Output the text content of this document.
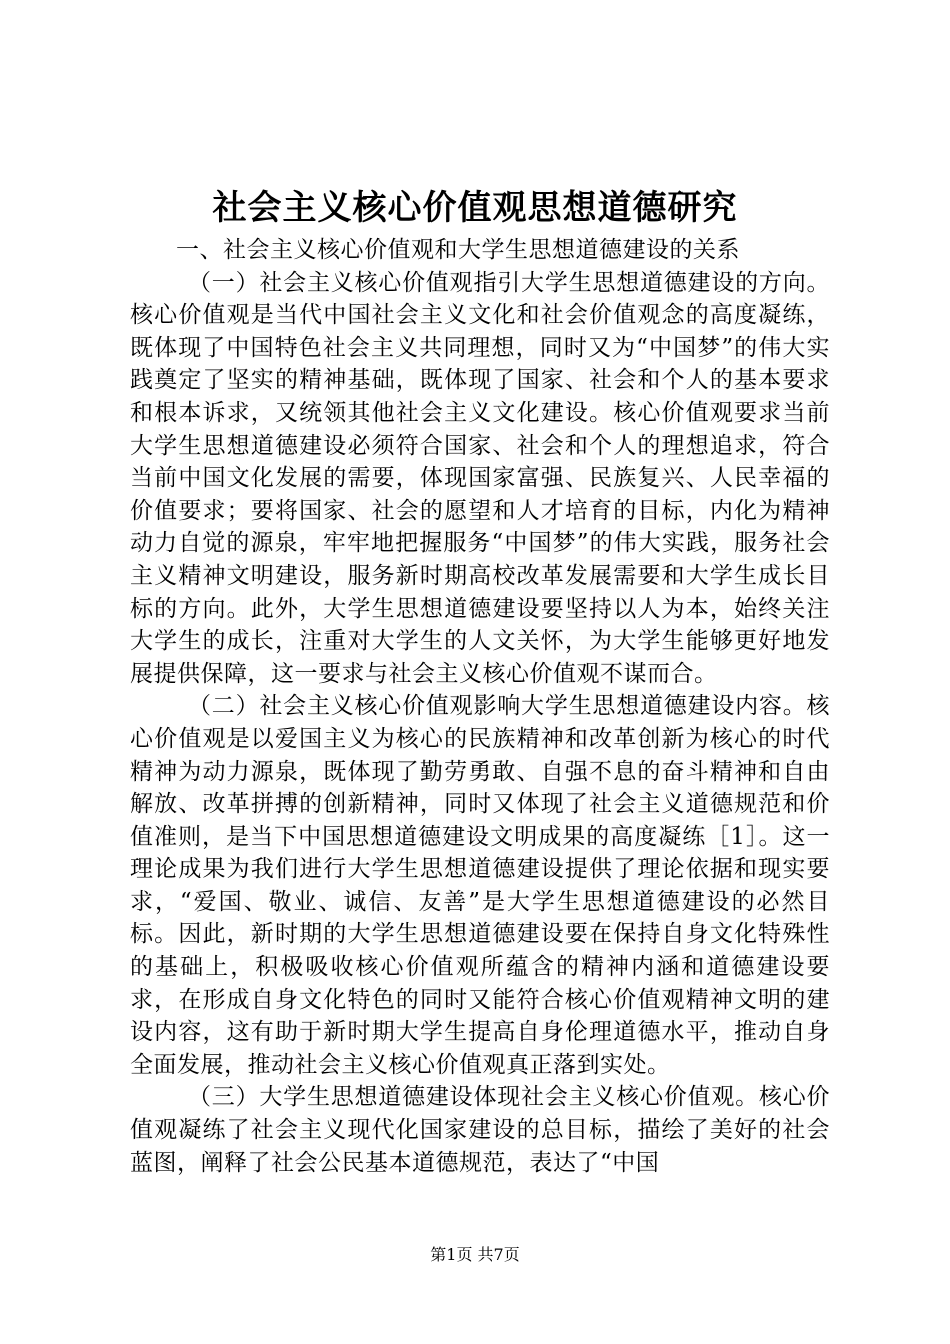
社会主义核心价值观思想道德研究

一、社会主义核心价值观和大学生思想道德建设的关系

（一）社会主义核心价值观指引大学生思想道德建设的方向。核心价值观是当代中国社会主义文化和社会价值观念的高度凝练，既体现了中国特色社会主义共同理想，同时又为“中国梦”的伟大实践奠定了坚实的精神基础，既体现了国家、社会和个人的基本要求和根本诉求，又统领其他社会主义文化建设。核心价值观要求当前大学生思想道德建设必须符合国家、社会和个人的理想追求，符合当前中国文化发展的需要，体现国家富强、民族复兴、人民幸福的价值要求；要将国家、社会的愿望和人才培育的目标，内化为精神动力自觉的源泉，牢牢地把握服务“中国梦”的伟大实践，服务社会主义精神文明建设，服务新时期高校改革发展需要和大学生成长目标的方向。此外，大学生思想道德建设要坚持以人为本，始终关注大学生的成长，注重对大学生的人文关怀，为大学生能够更好地发展提供保障，这一要求与社会主义核心价值观不谋而合。

（二）社会主义核心价值观影响大学生思想道德建设内容。核心价值观是以爱国主义为核心的民族精神和改革创新为核心的时代精神为动力源泉，既体现了勤劳勇敢、自强不息的奋斗精神和自由解放、改革拼搏的创新精神，同时又体现了社会主义道德规范和价值准则，是当下中国思想道德建设文明成果的高度凝练［1］。这一理论成果为我们进行大学生思想道德建设提供了理论依据和现实要求，“爱国、敬业、诚信、友善”是大学生思想道德建设的必然目标。因此，新时期的大学生思想道德建设要在保持自身文化特殊性的基础上，积极吸收核心价值观所蕴含的精神内涵和道德建设要求，在形成自身文化特色的同时又能符合核心价值观精神文明的建设内容，这有助于新时期大学生提高自身伦理道德水平，推动自身全面发展，推动社会主义核心价值观真正落到实处。

（三）大学生思想道德建设体现社会主义核心价值观。核心价值观凝练了社会主义现代化国家建设的总目标，描绘了美好的社会蓝图，阐释了社会公民基本道德规范，表达了“中国

第1页 共7页
